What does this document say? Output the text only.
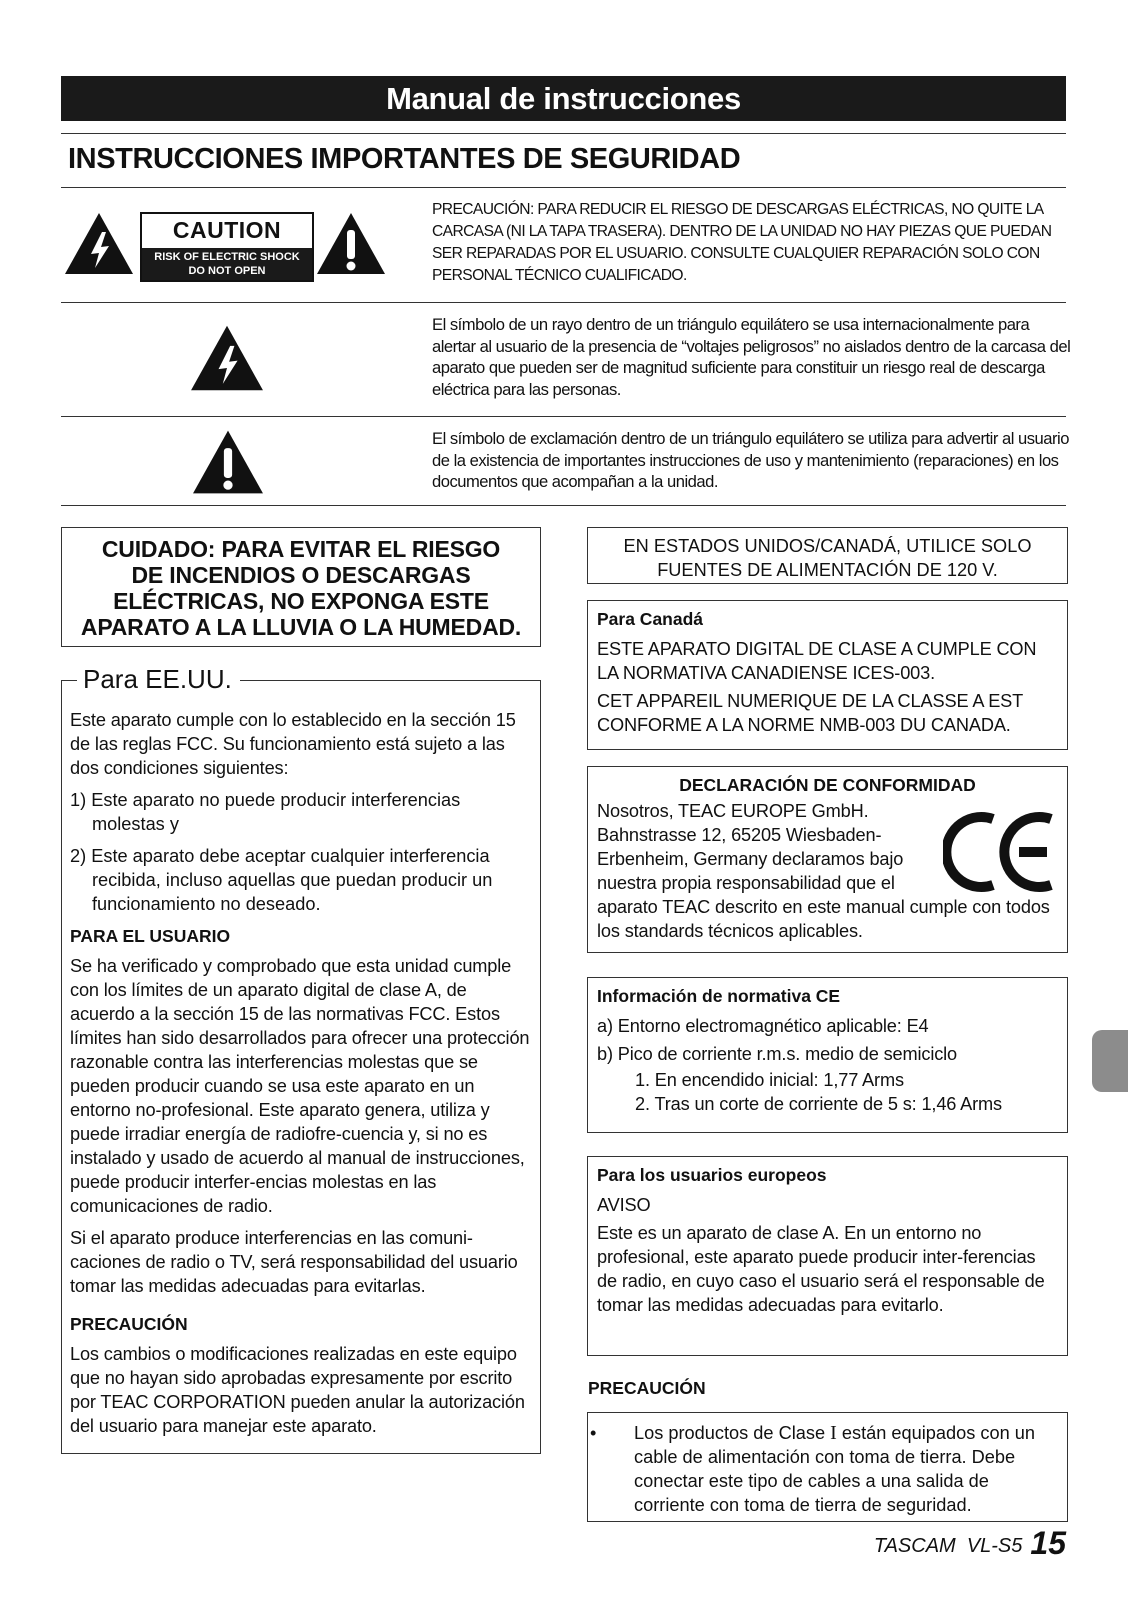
Manual de instrucciones
INSTRUCCIONES IMPORTANTES DE SEGURIDAD
CAUTION
RISK OF ELECTRIC SHOCK
DO NOT OPEN
PRECAUCIÓN: PARA REDUCIR EL RIESGO DE DESCARGAS ELÉCTRICAS, NO QUITE LA CARCASA (NI LA TAPA TRASERA). DENTRO DE LA UNIDAD NO HAY PIEZAS QUE PUEDAN SER REPARADAS POR EL USUARIO. CONSULTE CUALQUIER REPARACIÓN SOLO CON PERSONAL TÉCNICO CUALIFICADO.
El símbolo de un rayo dentro de un triángulo equilátero se usa internacionalmente para alertar al usuario de la presencia de “voltajes peligrosos” no aislados dentro de la carcasa del aparato que pueden ser de magnitud suficiente para constituir un riesgo real de descarga eléctrica para las personas.
El símbolo de exclamación dentro de un triángulo equilátero se utiliza para advertir al usuario de la existencia de importantes instrucciones de uso y mantenimiento (reparaciones) en los documentos que acompañan a la unidad.
CUIDADO: PARA EVITAR EL RIESGO
DE INCENDIOS O DESCARGAS
ELÉCTRICAS, NO EXPONGA ESTE
APARATO A LA LLUVIA O LA HUMEDAD.
Para EE.UU.
Este aparato cumple con lo establecido en la sección 15 de las reglas FCC. Su funcionamiento está sujeto a las dos condiciones siguientes:
1) Este aparato no puede producir interferencias molestas y
2) Este aparato debe aceptar cualquier interferencia recibida, incluso aquellas que puedan producir un funcionamiento no deseado.
PARA EL USUARIO
Se ha verificado y comprobado que esta unidad cumple con los límites de un aparato digital de clase A, de acuerdo a la sección 15 de las normativas FCC. Estos límites han sido desarrollados para ofrecer una protección razonable contra las interferencias molestas que se pueden producir cuando se usa este aparato en un entorno no-profesional. Este aparato genera, utiliza y puede irradiar energía de radiofre-cuencia y, si no es instalado y usado de acuerdo al manual de instrucciones, puede producir interfer-encias molestas en las comunicaciones de radio.
Si el aparato produce interferencias en las comuni-caciones de radio o TV, será responsabilidad del usuario tomar las medidas adecuadas para evitarlas.
PRECAUCIÓN
Los cambios o modificaciones realizadas en este equipo que no hayan sido aprobadas expresamente por escrito por TEAC CORPORATION pueden anular la autorización del usuario para manejar este aparato.
EN ESTADOS UNIDOS/CANADÁ, UTILICE SOLO
FUENTES DE ALIMENTACIÓN DE 120 V.
Para Canadá
ESTE APARATO DIGITAL DE CLASE A CUMPLE CON LA NORMATIVA CANADIENSE ICES-003.
CET APPAREIL NUMERIQUE DE LA CLASSE A EST CONFORME A LA NORME NMB-003 DU CANADA.
DECLARACIÓN DE CONFORMIDAD
Nosotros, TEAC EUROPE GmbH.
Bahnstrasse 12, 65205 Wiesbaden-
Erbenheim, Germany declaramos bajo
nuestra propia responsabilidad que el
aparato TEAC descrito en este manual cumple con todos los standards técnicos aplicables.
Información de normativa CE
a) Entorno electromagnético aplicable: E4
b) Pico de corriente r.m.s. medio de semiciclo
1. En encendido inicial: 1,77 Arms
2. Tras un corte de corriente de 5 s: 1,46 Arms
Para los usuarios europeos
AVISO
Este es un aparato de clase A. En un entorno no profesional, este aparato puede producir inter-ferencias de radio, en cuyo caso el usuario será el responsable de tomar las medidas adecuadas para evitarlo.
PRECAUCIÓN
• Los productos de Clase I están equipados con un cable de alimentación con toma de tierra. Debe conectar este tipo de cables a una salida de corriente con toma de tierra de seguridad.
TASCAM  VL-S5 15
